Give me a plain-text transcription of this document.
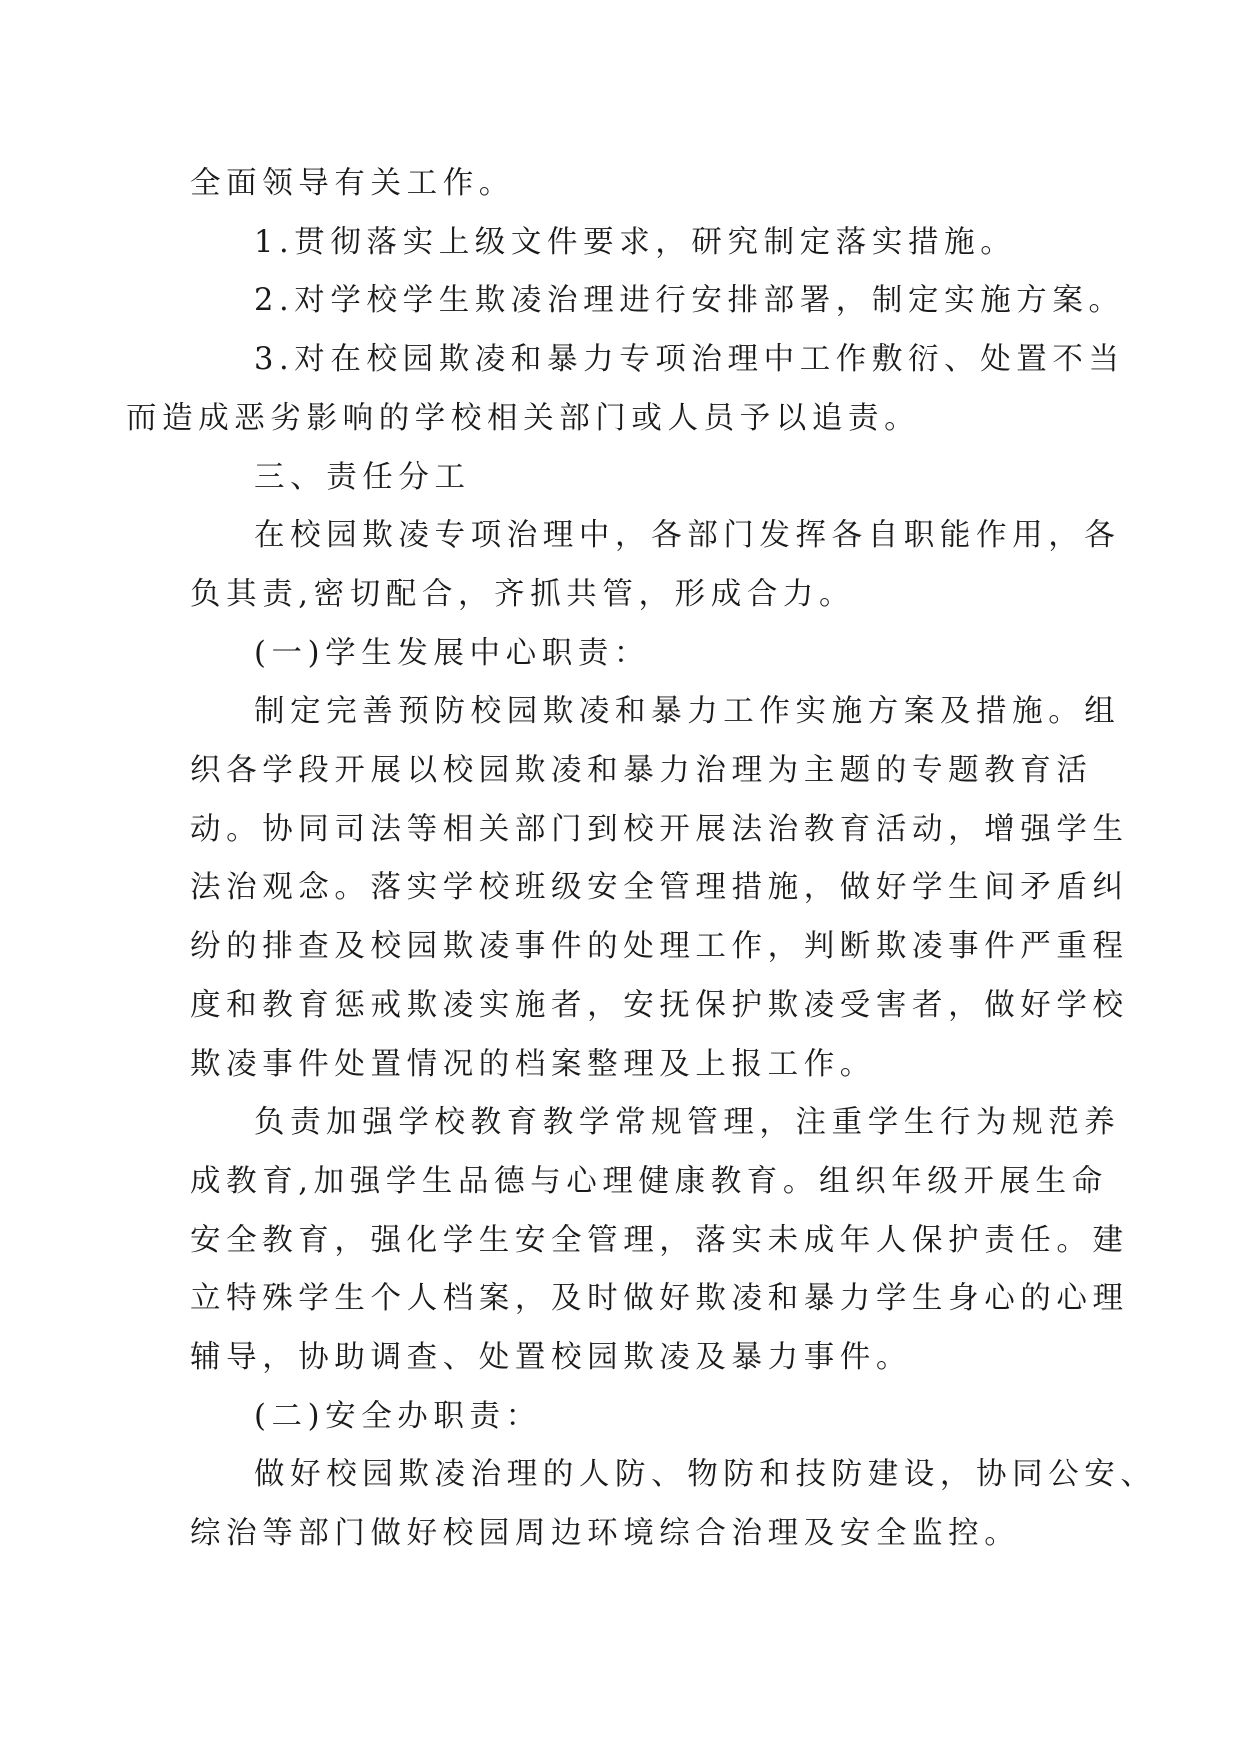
全面领导有关工作。

1.贯彻落实上级文件要求，研究制定落实措施。

2.对学校学生欺凌治理进行安排部署，制定实施方案。

3.对在校园欺凌和暴力专项治理中工作敷衍、处置不当
而造成恶劣影响的学校相关部门或人员予以追责。

三、责任分工

在校园欺凌专项治理中，各部门发挥各自职能作用，各
负其责,密切配合，齐抓共管，形成合力。

(一)学生发展中心职责：

制定完善预防校园欺凌和暴力工作实施方案及措施。组
织各学段开展以校园欺凌和暴力治理为主题的专题教育活
动。协同司法等相关部门到校开展法治教育活动，增强学生
法治观念。落实学校班级安全管理措施，做好学生间矛盾纠
纷的排查及校园欺凌事件的处理工作，判断欺凌事件严重程
度和教育惩戒欺凌实施者，安抚保护欺凌受害者，做好学校
欺凌事件处置情况的档案整理及上报工作。

负责加强学校教育教学常规管理，注重学生行为规范养
成教育,加强学生品德与心理健康教育。组织年级开展生命
安全教育，强化学生安全管理，落实未成年人保护责任。建
立特殊学生个人档案，及时做好欺凌和暴力学生身心的心理
辅导，协助调查、处置校园欺凌及暴力事件。

(二)安全办职责：

做好校园欺凌治理的人防、物防和技防建设，协同公安、
综治等部门做好校园周边环境综合治理及安全监控。
